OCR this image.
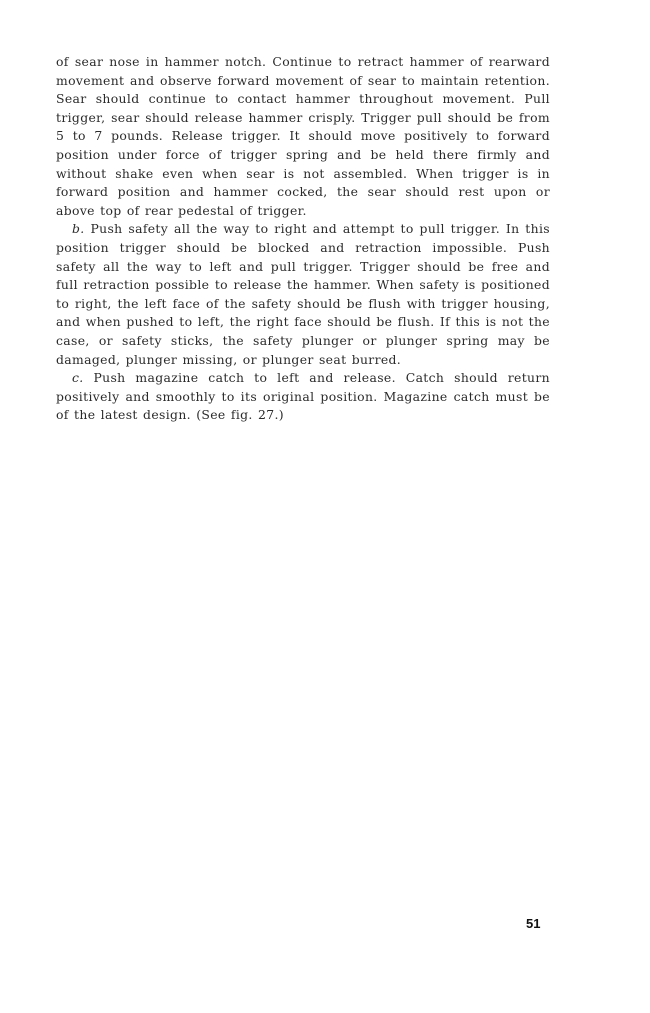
of sear nose in hammer notch. Continue to retract hammer of rearward movement and observe forward movement of sear to maintain retention. Sear should continue to contact hammer throughout movement. Pull trigger, sear should release hammer crisply. Trigger pull should be from 5 to 7 pounds. Release trigger. It should move positively to forward position under force of trigger spring and be held there firmly and without shake even when sear is not assembled. When trigger is in forward position and hammer cocked, the sear should rest upon or above top of rear pedestal of trigger.

b. Push safety all the way to right and attempt to pull trigger. In this position trigger should be blocked and retraction impossible. Push safety all the way to left and pull trigger. Trigger should be free and full retraction possible to release the hammer. When safety is positioned to right, the left face of the safety should be flush with trigger housing, and when pushed to left, the right face should be flush. If this is not the case, or safety sticks, the safety plunger or plunger spring may be damaged, plunger missing, or plunger seat burred.

c. Push magazine catch to left and release. Catch should return positively and smoothly to its original position. Magazine catch must be of the latest design. (See fig. 27.)

51
